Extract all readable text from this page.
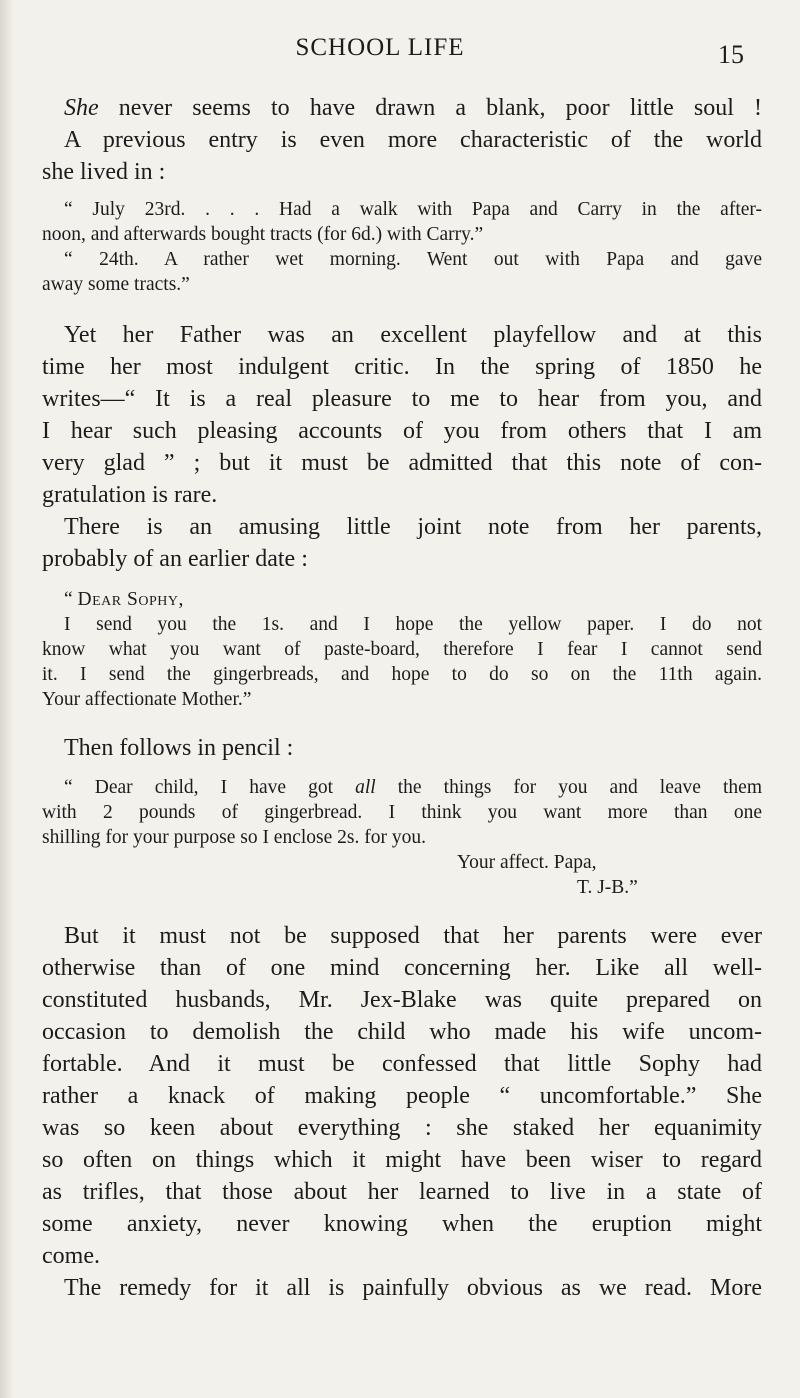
SCHOOL LIFE	15

She never seems to have drawn a blank, poor little soul !
A previous entry is even more characteristic of the world
she lived in :

“ July 23rd. . . . Had a walk with Papa and Carry in the after-
noon, and afterwards bought tracts (for 6d.) with Carry.”
“ 24th. A rather wet morning. Went out with Papa and gave
away some tracts.”

Yet her Father was an excellent playfellow and at this
time her most indulgent critic. In the spring of 1850 he
writes—“ It is a real pleasure to me to hear from you, and
I hear such pleasing accounts of you from others that I am
very glad ” ; but it must be admitted that this note of con-
gratulation is rare.

There is an amusing little joint note from her parents,
probably of an earlier date :

“ Dear Sophy,
I send you the 1s. and I hope the yellow paper. I do not
know what you want of paste-board, therefore I fear I cannot send
it. I send the gingerbreads, and hope to do so on the 11th again.
Your affectionate Mother.”

Then follows in pencil :

“ Dear child, I have got all the things for you and leave them
with 2 pounds of gingerbread. I think you want more than one
shilling for your purpose so I enclose 2s. for you.
Your affect. Papa,
T. J-B.”

But it must not be supposed that her parents were ever
otherwise than of one mind concerning her. Like all well-
constituted husbands, Mr. Jex-Blake was quite prepared on
occasion to demolish the child who made his wife uncom-
fortable. And it must be confessed that little Sophy had
rather a knack of making people “ uncomfortable.” She
was so keen about everything : she staked her equanimity
so often on things which it might have been wiser to regard
as trifles, that those about her learned to live in a state of
some anxiety, never knowing when the eruption might
come.

The remedy for it all is painfully obvious as we read. More
